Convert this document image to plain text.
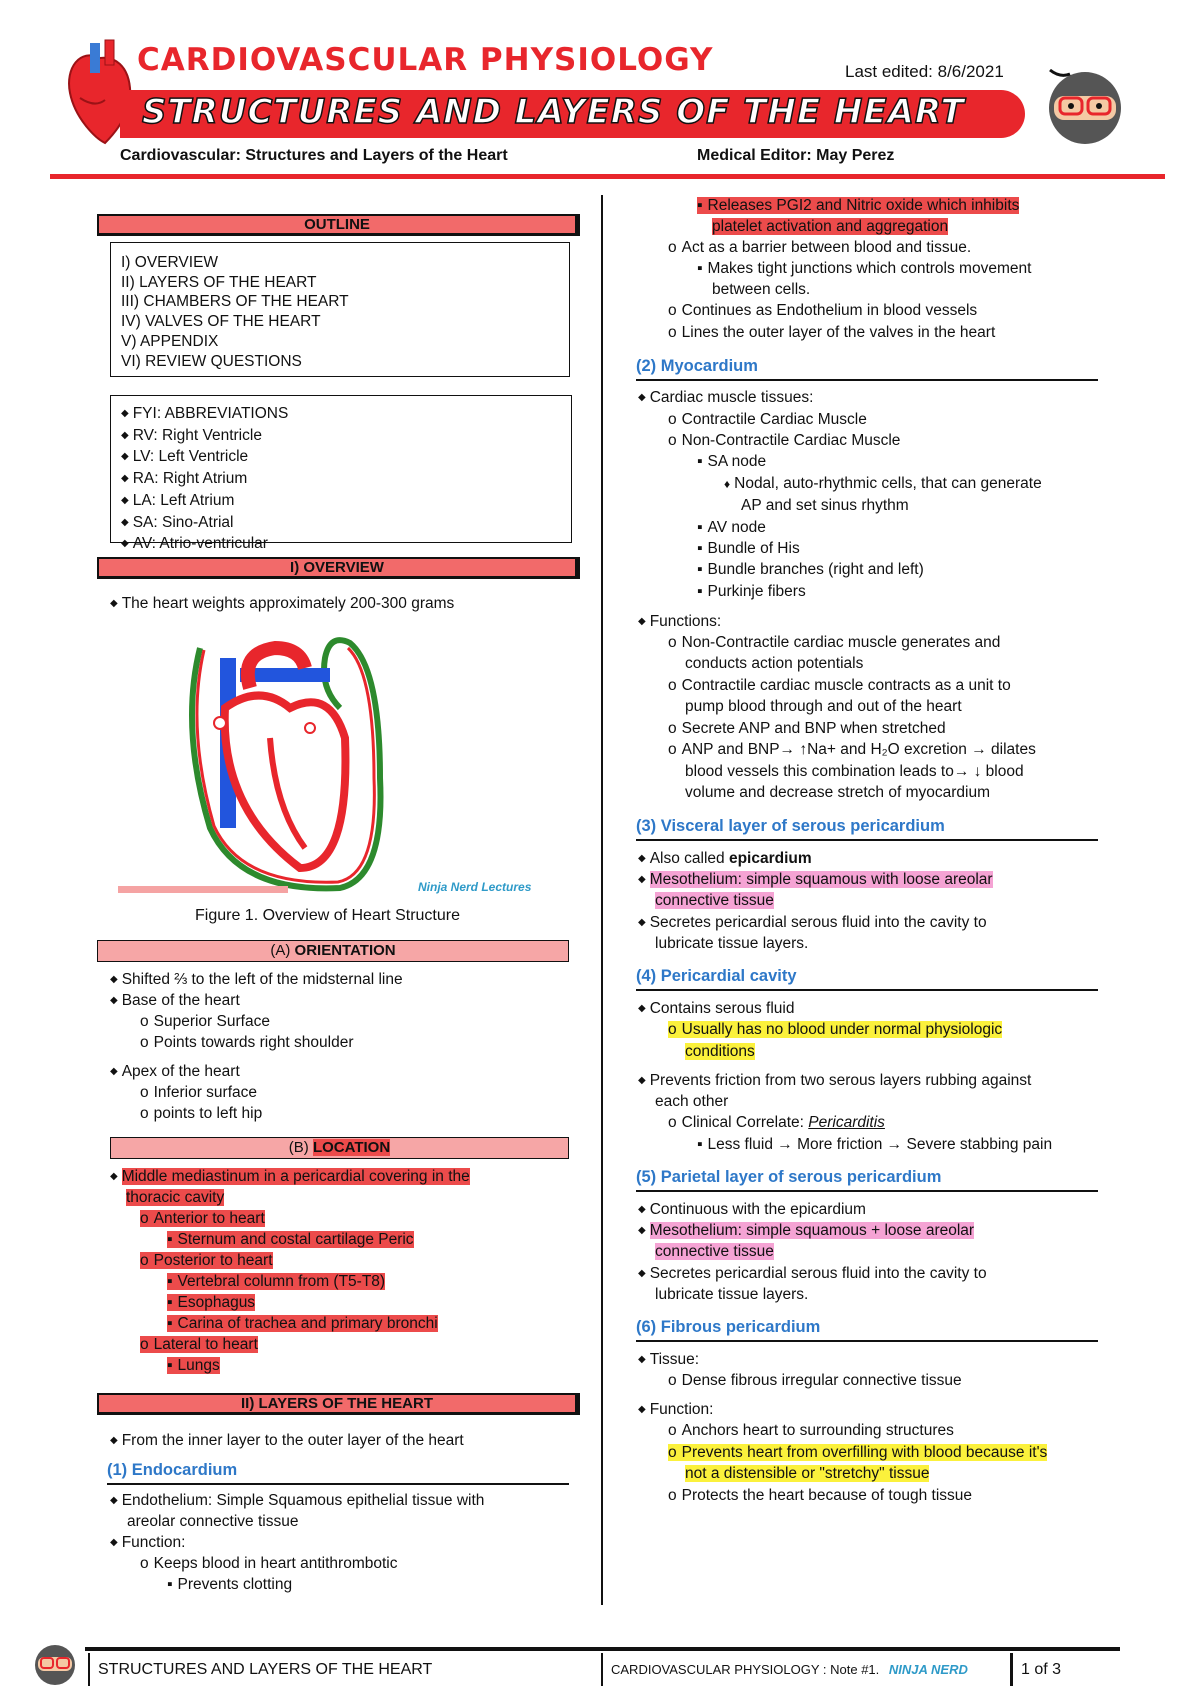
CARDIOVASCULAR PHYSIOLOGY	Last edited: 8/6/2021
STRUCTURES AND LAYERS OF THE HEART
Cardiovascular: Structures and Layers of the Heart	Medical Editor: May Perez
OUTLINE
I) OVERVIEW
II) LAYERS OF THE HEART
III) CHAMBERS OF THE HEART
IV) VALVES OF THE HEART
V) APPENDIX
VI) REVIEW QUESTIONS
◆ FYI: ABBREVIATIONS
◆ RV: Right Ventricle
◆ LV: Left Ventricle
◆ RA: Right Atrium
◆ LA: Left Atrium
◆ SA: Sino-Atrial
◆ AV: Atrio-ventricular
I) OVERVIEW
◆ The heart weights approximately 200-300 grams
Ninja Nerd Lectures
Figure 1. Overview of Heart Structure
(A) ORIENTATION
◆ Shifted ⅔ to the left of the midsternal line
◆ Base of the heart
o Superior Surface
o Points towards right shoulder
◆ Apex of the heart
o Inferior surface
o points to left hip
(B) LOCATION
◆ Middle mediastinum in a pericardial covering in the
thoracic cavity
o Anterior to heart
▪ Sternum and costal cartilage Peric
o Posterior to heart
▪ Vertebral column from (T5-T8)
▪ Esophagus
▪ Carina of trachea and primary bronchi
o Lateral to heart
▪ Lungs
II) LAYERS OF THE HEART
◆ From the inner layer to the outer layer of the heart
(1) Endocardium
◆ Endothelium: Simple Squamous epithelial tissue with
areolar connective tissue
◆ Function:
o Keeps blood in heart antithrombotic
▪ Prevents clotting
▪ Releases PGI2 and Nitric oxide which inhibits
platelet activation and aggregation
o Act as a barrier between blood and tissue.
▪ Makes tight junctions which controls movement
between cells.
o Continues as Endothelium in blood vessels
o Lines the outer layer of the valves in the heart
(2) Myocardium
◆ Cardiac muscle tissues:
o Contractile Cardiac Muscle
o Non-Contractile Cardiac Muscle
▪ SA node
♦ Nodal, auto-rhythmic cells, that can generate
AP and set sinus rhythm
▪ AV node
▪ Bundle of His
▪ Bundle branches (right and left)
▪ Purkinje fibers
◆ Functions:
o Non-Contractile cardiac muscle generates and
conducts action potentials
o Contractile cardiac muscle contracts as a unit to
pump blood through and out of the heart
o Secrete ANP and BNP when stretched
o ANP and BNP→ ↑Na+ and H₂O excretion → dilates
blood vessels this combination leads to→ ↓ blood
volume and decrease stretch of myocardium
(3) Visceral layer of serous pericardium
◆ Also called epicardium
◆ Mesothelium: simple squamous with loose areolar
connective tissue
◆ Secretes pericardial serous fluid into the cavity to
lubricate tissue layers.
(4) Pericardial cavity
◆ Contains serous fluid
o Usually has no blood under normal physiologic
conditions
◆ Prevents friction from two serous layers rubbing against
each other
o Clinical Correlate: Pericarditis
▪ Less fluid → More friction → Severe stabbing pain
(5) Parietal layer of serous pericardium
◆ Continuous with the epicardium
◆ Mesothelium: simple squamous + loose areolar
connective tissue
◆ Secretes pericardial serous fluid into the cavity to
lubricate tissue layers.
(6) Fibrous pericardium
◆ Tissue:
o Dense fibrous irregular connective tissue
◆ Function:
o Anchors heart to surrounding structures
o Prevents heart from overfilling with blood because it's
not a distensible or "stretchy" tissue
o Protects the heart because of tough tissue
STRUCTURES AND LAYERS OF THE HEART	CARDIOVASCULAR PHYSIOLOGY : Note #1. NINJA NERD	1 of 3
